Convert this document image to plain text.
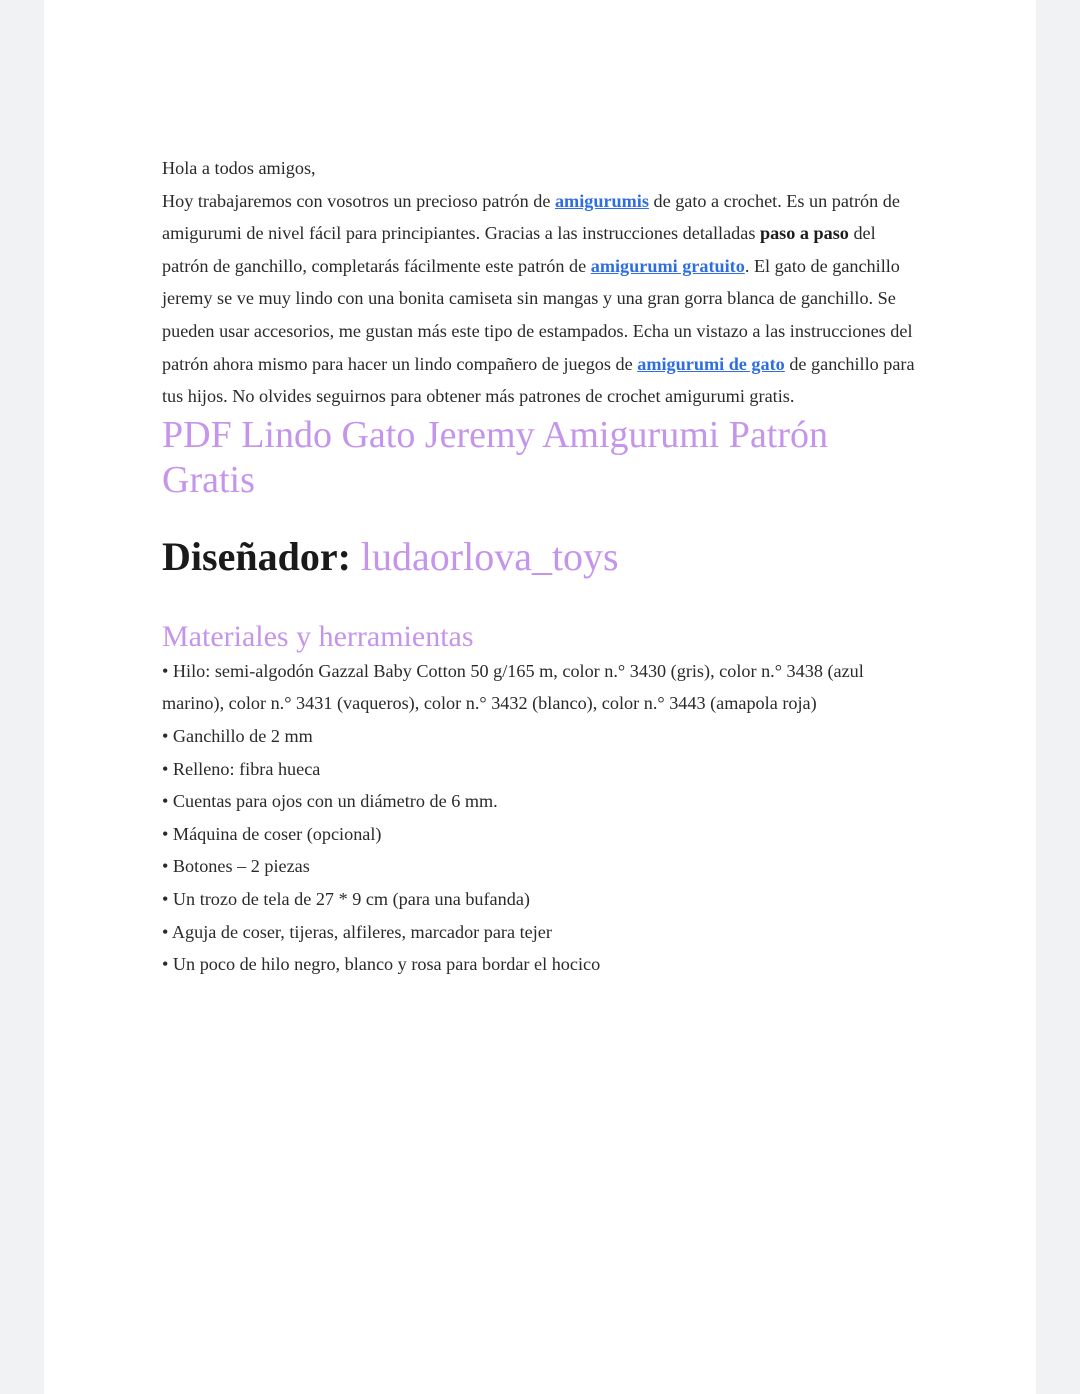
Hola a todos amigos,

Hoy trabajaremos con vosotros un precioso patrón de amigurumis de gato a crochet. Es un patrón de amigurumi de nivel fácil para principiantes. Gracias a las instrucciones detalladas paso a paso del patrón de ganchillo, completarás fácilmente este patrón de amigurumi gratuito. El gato de ganchillo jeremy se ve muy lindo con una bonita camiseta sin mangas y una gran gorra blanca de ganchillo. Se pueden usar accesorios, me gustan más este tipo de estampados. Echa un vistazo a las instrucciones del patrón ahora mismo para hacer un lindo compañero de juegos de amigurumi de gato de ganchillo para tus hijos. No olvides seguirnos para obtener más patrones de crochet amigurumi gratis.

PDF Lindo Gato Jeremy Amigurumi Patrón Gratis
Diseñador: ludaorlova_toys
Materiales y herramientas
• Hilo: semi-algodón Gazzal Baby Cotton 50 g/165 m, color n.° 3430 (gris), color n.° 3438 (azul marino), color n.° 3431 (vaqueros), color n.° 3432 (blanco), color n.° 3443 (amapola roja)
• Ganchillo de 2 mm
• Relleno: fibra hueca
• Cuentas para ojos con un diámetro de 6 mm.
• Máquina de coser (opcional)
• Botones – 2 piezas
• Un trozo de tela de 27 * 9 cm (para una bufanda)
• Aguja de coser, tijeras, alfileres, marcador para tejer
• Un poco de hilo negro, blanco y rosa para bordar el hocico
